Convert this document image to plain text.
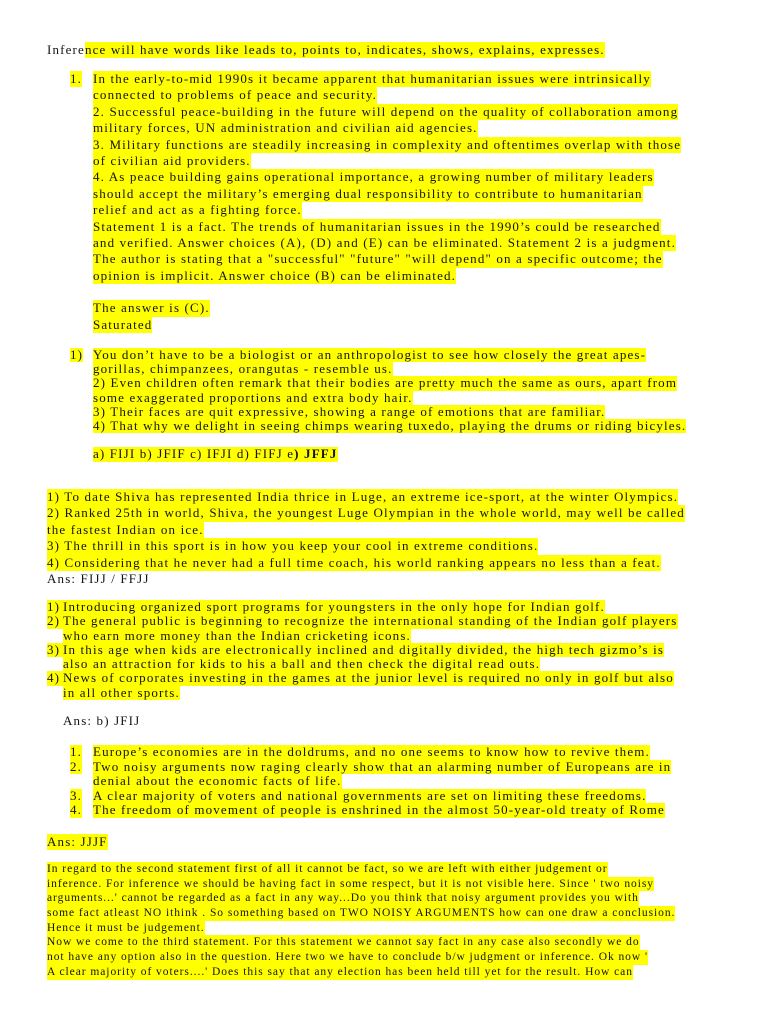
Inference will have words like leads to, points to, indicates, shows, explains, expresses.
1. In the early-to-mid 1990s it became apparent that humanitarian issues were intrinsically
connected to problems of peace and security.
2. Successful peace-building in the future will depend on the quality of collaboration among
military forces, UN administration and civilian aid agencies.
3. Military functions are steadily increasing in complexity and oftentimes overlap with those
of civilian aid providers.
4. As peace building gains operational importance, a growing number of military leaders
should accept the military’s emerging dual responsibility to contribute to humanitarian
relief and act as a fighting force.
Statement 1 is a fact. The trends of humanitarian issues in the 1990’s could be researched
and verified. Answer choices (A), (D) and (E) can be eliminated. Statement 2 is a judgment.
The author is stating that a "successful" "future" "will depend" on a specific outcome; the
opinion is implicit. Answer choice (B) can be eliminated.
The answer is (C).
Saturated
1) You don’t have to be a biologist or an anthropologist to see how closely the great apes-
gorillas, chimpanzees, orangutas - resemble us.
2) Even children often remark that their bodies are pretty much the same as ours, apart from
some exaggerated proportions and extra body hair.
3) Their faces are quit expressive, showing a range of emotions that are familiar.
4) That why we delight in seeing chimps wearing tuxedo, playing the drums or riding bicyles.
a) FIJI b) JFIF c) IFJI d) FIFJ e) JFFJ
1) To date Shiva has represented India thrice in Luge, an extreme ice-sport, at the winter Olympics.
2) Ranked 25th in world, Shiva, the youngest Luge Olympian in the whole world, may well be called
the fastest Indian on ice.
3) The thrill in this sport is in how you keep your cool in extreme conditions.
4) Considering that he never had a full time coach, his world ranking appears no less than a feat.
Ans: FIJJ / FFJJ
1) Introducing organized sport programs for youngsters in the only hope for Indian golf.
2) The general public is beginning to recognize the international standing of the Indian golf players
who earn more money than the Indian cricketing icons.
3) In this age when kids are electronically inclined and digitally divided, the high tech gizmo’s is
also an attraction for kids to his a ball and then check the digital read outs.
4) News of corporates investing in the games at the junior level is required no only in golf but also
in all other sports.
Ans: b) JFIJ
1. Europe’s economies are in the doldrums, and no one seems to know how to revive them.
2. Two noisy arguments now raging clearly show that an alarming number of Europeans are in
denial about the economic facts of life.
3. A clear majority of voters and national governments are set on limiting these freedoms.
4. The freedom of movement of people is enshrined in the almost 50-year-old treaty of Rome
Ans: JJJF
In regard to the second statement first of all it cannot be fact, so we are left with either judgement or
inference. For inference we should be having fact in some respect, but it is not visible here. Since ' two noisy
arguments...' cannot be regarded as a fact in any way...Do you think that noisy argument provides you with
some fact atleast NO ithink . So something based on TWO NOISY ARGUMENTS how can one draw a conclusion.
Hence it must be judgement.
Now we come to the third statement. For this statement we cannot say fact in any case also secondly we do
not have any option also in the question. Here two we have to conclude b/w judgment or inference. Ok now '
A clear majority of voters....' Does this say that any election has been held till yet for the result. How can
